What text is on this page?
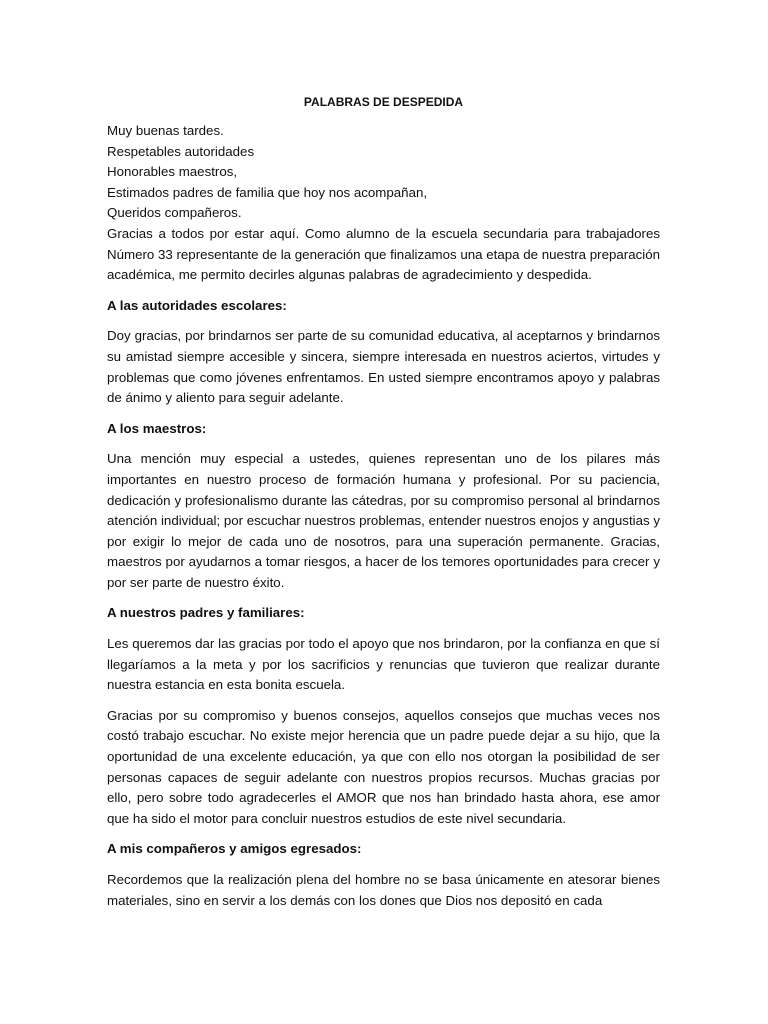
PALABRAS DE DESPEDIDA
Muy buenas tardes.
Respetables autoridades
Honorables maestros,
Estimados padres de familia que hoy nos acompañan,
Queridos compañeros.

Gracias a todos por estar aquí. Como alumno de la escuela secundaria para trabajadores Número 33 representante de la generación que finalizamos una etapa de nuestra preparación académica, me permito decirles algunas palabras de agradecimiento y despedida.

A las autoridades escolares:

Doy gracias, por brindarnos ser parte de su comunidad educativa, al aceptarnos y brindarnos su amistad siempre accesible y sincera, siempre interesada en nuestros aciertos, virtudes y problemas que como jóvenes enfrentamos. En usted siempre encontramos apoyo y palabras de ánimo y aliento para seguir adelante.

A los maestros:

Una mención muy especial a ustedes, quienes representan uno de los pilares más importantes en nuestro proceso de formación humana y profesional. Por su paciencia, dedicación y profesionalismo durante las cátedras, por su compromiso personal al brindarnos atención individual; por escuchar nuestros problemas, entender nuestros enojos y angustias y por exigir lo mejor de cada uno de nosotros, para una superación permanente. Gracias, maestros por ayudarnos a tomar riesgos, a hacer de los temores oportunidades para crecer y por ser parte de nuestro éxito.

A nuestros padres y familiares:

Les queremos dar las gracias por todo el apoyo que nos brindaron, por la confianza en que sí llegaríamos a la meta y por los sacrificios y renuncias que tuvieron que realizar durante nuestra estancia en esta bonita escuela.

Gracias por su compromiso y buenos consejos, aquellos consejos que muchas veces nos costó trabajo escuchar. No existe mejor herencia que un padre puede dejar a su hijo, que la oportunidad de una excelente educación, ya que con ello nos otorgan la posibilidad de ser personas capaces de seguir adelante con nuestros propios recursos. Muchas gracias por ello, pero sobre todo agradecerles el AMOR que nos han brindado hasta ahora, ese amor que ha sido el motor para concluir nuestros estudios de este nivel secundaria.

A mis compañeros y amigos egresados:

Recordemos que la realización plena del hombre no se basa únicamente en atesorar bienes materiales, sino en servir a los demás con los dones que Dios nos depositó en cada
